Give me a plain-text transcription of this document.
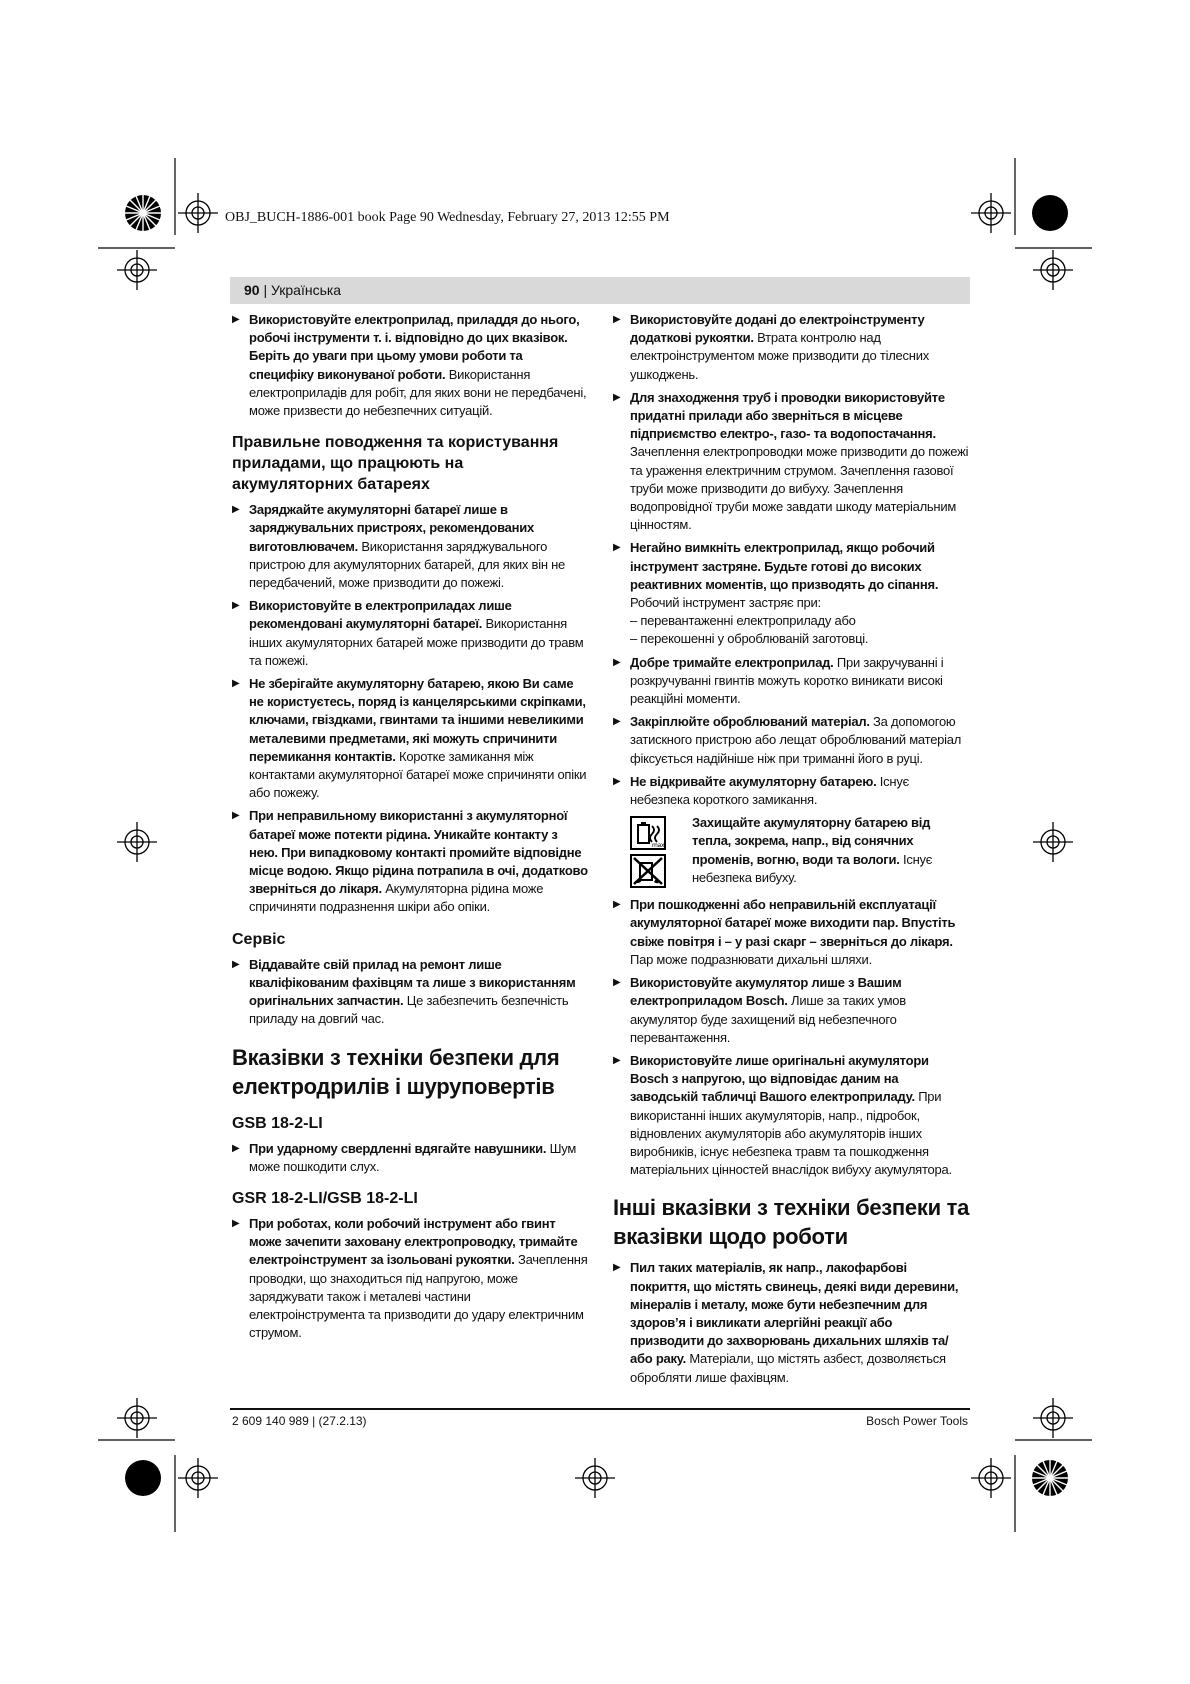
OBJ_BUCH-1886-001 book Page 90 Wednesday, February 27, 2013 12:55 PM
90 | Українська

▶ Використовуйте електроприлад, приладдя до нього, робочі інструменти т. і. відповідно до цих вказівок. Беріть до уваги при цьому умови роботи та специфіку виконуваної роботи. Використання електроприладів для робіт, для яких вони не передбачені, може призвести до небезпечних ситуацій.

Правильне поводження та користування приладами, що працюють на акумуляторних батареях

▶ Заряджайте акумуляторні батареї лише в заряджувальних пристроях, рекомендованих виготовлювачем. Використання заряджувального пристрою для акумуляторних батарей, для яких він не передбачений, може призводити до пожежі.

▶ Використовуйте в електроприладах лише рекомендовані акумуляторні батареї. Використання інших акумуляторних батарей може призводити до травм та пожежі.

▶ Не зберігайте акумуляторну батарею, якою Ви саме не користуєтесь, поряд із канцелярськими скріпками, ключами, гвіздками, гвинтами та іншими невеликими металевими предметами, які можуть спричинити перемикання контактів. Коротке замикання між контактами акумуляторної батареї може спричиняти опіки або пожежу.

▶ При неправильному використанні з акумуляторної батареї може потекти рідина. Уникайте контакту з нею. При випадковому контакті промийте відповідне місце водою. Якщо рідина потрапила в очі, додатково зверніться до лікаря. Акумуляторна рідина може спричиняти подразнення шкіри або опіки.

Сервіс

▶ Віддавайте свій прилад на ремонт лише кваліфікованим фахівцям та лише з використанням оригінальних запчастин. Це забезпечить безпечність приладу на довгий час.

Вказівки з техніки безпеки для електродрилів і шуруповертів
GSB 18-2-LI

▶ При ударному свердленні вдягайте навушники. Шум може пошкодити слух.

GSR 18-2-LI/GSB 18-2-LI

▶ При роботах, коли робочий інструмент або гвинт може зачепити заховану електропроводку, тримайте електроінструмент за ізольовані рукоятки. Зачеплення проводки, що знаходиться під напругою, може заряджувати також і металеві частини електроінструмента та призводити до удару електричним струмом.

▶ Використовуйте додані до електроінструменту додаткові рукоятки. Втрата контролю над електроінструментом може призводити до тілесних ушкоджень.

▶ Для знаходження труб і проводки використовуйте придатні прилади або зверніться в місцеве підприємство електро-, газо- та водопостачання. Зачеплення електропроводки може призводити до пожежі та ураження електричним струмом. Зачеплення газової труби може призводити до вибуху. Зачеплення водопровідної труби може завдати шкоду матеріальним цінностям.

▶ Негайно вимкніть електроприлад, якщо робочий інструмент застряне. Будьте готові до високих реактивних моментів, що призводять до сіпання. Робочий інструмент застряє при:
– перевантаженні електроприладу або
– перекошенні у оброблюваній заготовці.

▶ Добре тримайте електроприлад. При закручуванні і розкручуванні гвинтів можуть коротко виникати високі реакційні моменти.

▶ Закріплюйте оброблюваний матеріал. За допомогою затискного пристрою або лещат оброблюваний матеріал фіксується надійніше ніж при триманні його в руці.

▶ Не відкривайте акумуляторну батарею. Існує небезпека короткого замикання.

max
Захищайте акумуляторну батарею від тепла, зокрема, напр., від сонячних променів, вогню, води та вологи. Існує небезпека вибуху.

▶ При пошкодженні або неправильній експлуатації акумуляторної батареї може виходити пар. Впустіть свіже повітря і – у разі скарг – зверніться до лікаря. Пар може подразнювати дихальні шляхи.

▶ Використовуйте акумулятор лише з Вашим електроприладом Bosch. Лише за таких умов акумулятор буде захищений від небезпечного перевантаження.

▶ Використовуйте лише оригінальні акумулятори Bosch з напругою, що відповідає даним на заводській табличці Вашого електроприладу. При використанні інших акумуляторів, напр., підробок, відновлених акумуляторів або акумуляторів інших виробників, існує небезпека травм та пошкодження матеріальних цінностей внаслідок вибуху акумулятора.

Інші вказівки з техніки безпеки та вказівки щодо роботи

▶ Пил таких матеріалів, як напр., лакофарбові покриття, що містять свинець, деякі види деревини, мінералів і металу, може бути небезпечним для здоров’я і викликати алергійні реакції або призводити до захворювань дихальних шляхів та/або раку. Матеріали, що містять азбест, дозволяється обробляти лише фахівцям.

2 609 140 989 | (27.2.13)	Bosch Power Tools
